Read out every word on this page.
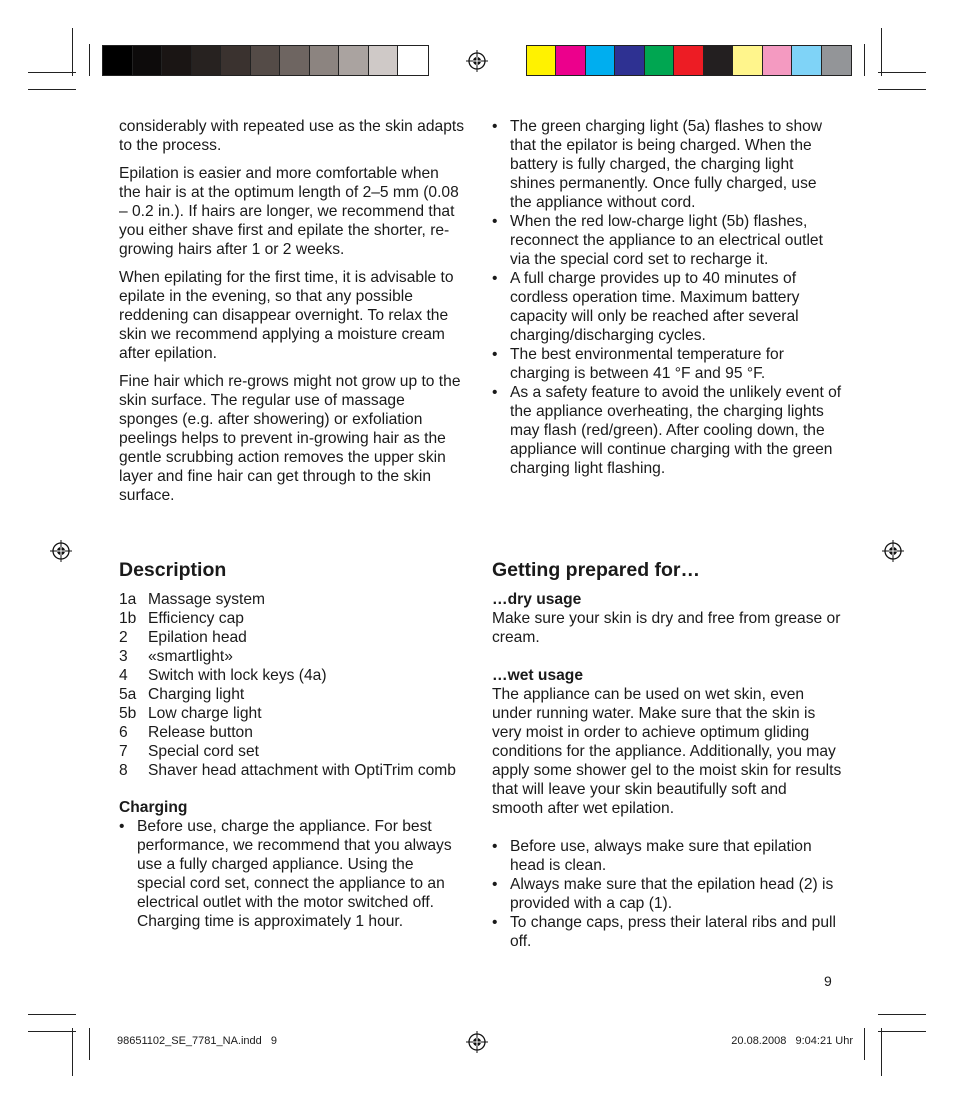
considerably with repeated use as the skin adapts to the process.

Epilation is easier and more comfortable when the hair is at the optimum length of 2–5 mm (0.08 – 0.2 in.). If hairs are longer, we recommend that you either shave first and epilate the shorter, re-growing hairs after 1 or 2 weeks.

When epilating for the first time, it is advisable to epilate in the evening, so that any possible reddening can disappear overnight. To relax the skin we recommend applying a moisture cream after epilation.

Fine hair which re-grows might not grow up to the skin surface. The regular use of massage sponges (e.g. after showering) or exfoliation peelings helps to prevent in-growing hair as the gentle scrubbing action removes the upper skin layer and fine hair can get through to the skin surface.

Description
1a Massage system
1b Efficiency cap
2	Epilation head
3	«smartlight»
4	Switch with lock keys (4a)
5a Charging light
5b Low charge light
6	Release button
7	Special cord set
8	Shaver head attachment with OptiTrim comb
Charging
• Before use, charge the appliance. For best performance, we recommend that you always use a fully charged appliance. Using the special cord set, connect the appliance to an electrical outlet with the motor switched off. Charging time is approximately 1 hour.
• The green charging light (5a) flashes to show that the epilator is being charged. When the battery is fully charged, the charging light shines permanently. Once fully charged, use the appliance without cord.
• When the red low-charge light (5b) flashes, reconnect the appliance to an electrical outlet via the special cord set to recharge it.
• A full charge provides up to 40 minutes of cordless operation time. Maximum battery capacity will only be reached after several charging/discharging cycles.
• The best environmental temperature for charging is between 41 °F and 95 °F.
• As a safety feature to avoid the unlikely event of the appliance overheating, the charging lights may flash (red/green). After cooling down, the appliance will continue charging with the green charging light flashing.
Getting prepared for…
…dry usage
Make sure your skin is dry and free from grease or cream.
…wet usage
The appliance can be used on wet skin, even under running water. Make sure that the skin is very moist in order to achieve optimum gliding conditions for the appliance. Additionally, you may apply some shower gel to the moist skin for results that will leave your skin beautifully soft and smooth after wet epilation.
• Before use, always make sure that epilation head is clean.
• Always make sure that the epilation head (2) is provided with a cap (1).
• To change caps, press their lateral ribs and pull off.
9
98651102_SE_7781_NA.indd   9	20.08.2008   9:04:21 Uhr
